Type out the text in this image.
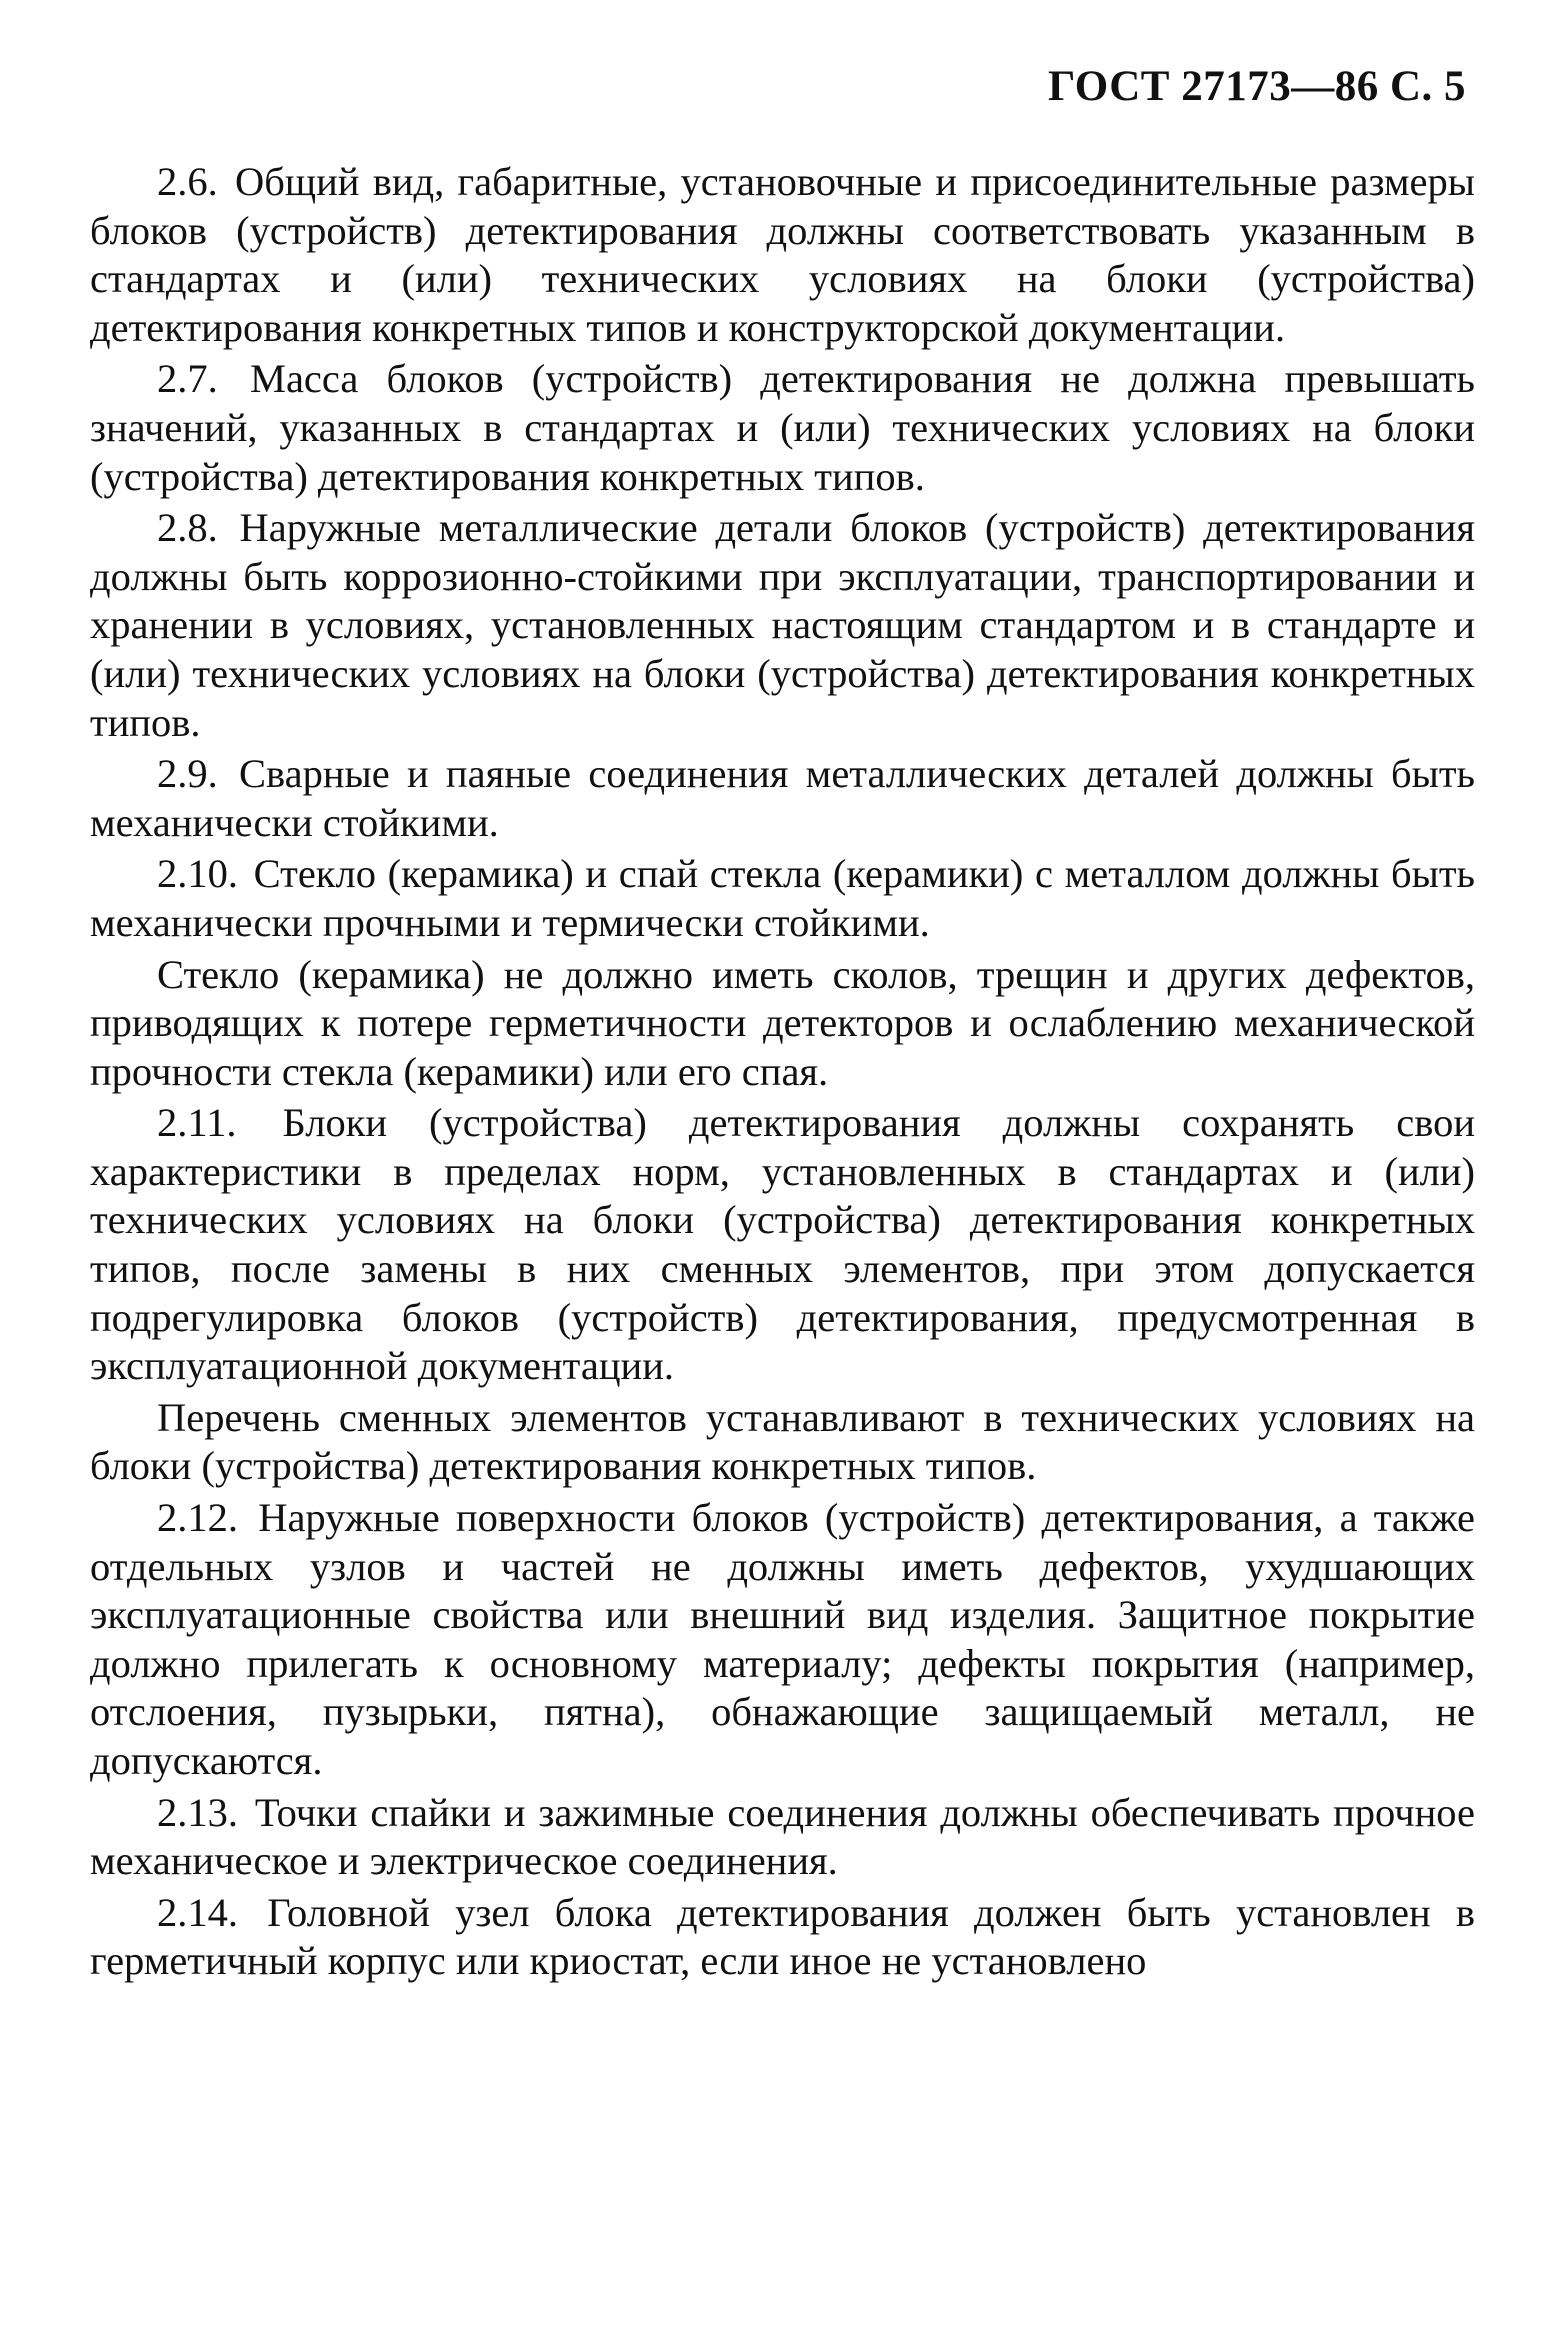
ГОСТ 27173—86 С. 5

2.6. Общий вид, габаритные, установочные и присоединительные размеры блоков (устройств) детектирования должны соответствовать указанным в стандартах и (или) технических условиях на блоки (устройства) детектирования конкретных типов и конструкторской документации.

2.7. Масса блоков (устройств) детектирования не должна превышать значений, указанных в стандартах и (или) технических условиях на блоки (устройства) детектирования конкретных типов.

2.8. Наружные металлические детали блоков (устройств) детектирования должны быть коррозионно-стойкими при эксплуатации, транспортировании и хранении в условиях, установленных настоящим стандартом и в стандарте и (или) технических условиях на блоки (устройства) детектирования конкретных типов.

2.9. Сварные и паяные соединения металлических деталей должны быть механически стойкими.

2.10. Стекло (керамика) и спай стекла (керамики) с металлом должны быть механически прочными и термически стойкими.

Стекло (керамика) не должно иметь сколов, трещин и других дефектов, приводящих к потере герметичности детекторов и ослаблению механической прочности стекла (керамики) или его спая.

2.11. Блоки (устройства) детектирования должны сохранять свои характеристики в пределах норм, установленных в стандартах и (или) технических условиях на блоки (устройства) детектирования конкретных типов, после замены в них сменных элементов, при этом допускается подрегулировка блоков (устройств) детектирования, предусмотренная в эксплуатационной документации.

Перечень сменных элементов устанавливают в технических условиях на блоки (устройства) детектирования конкретных типов.

2.12. Наружные поверхности блоков (устройств) детектирования, а также отдельных узлов и частей не должны иметь дефектов, ухудшающих эксплуатационные свойства или внешний вид изделия. Защитное покрытие должно прилегать к основному материалу; дефекты покрытия (например, отслоения, пузырьки, пятна), обнажающие защищаемый металл, не допускаются.

2.13. Точки спайки и зажимные соединения должны обеспечивать прочное механическое и электрическое соединения.

2.14. Головной узел блока детектирования должен быть установлен в герметичный корпус или криостат, если иное не установлено
